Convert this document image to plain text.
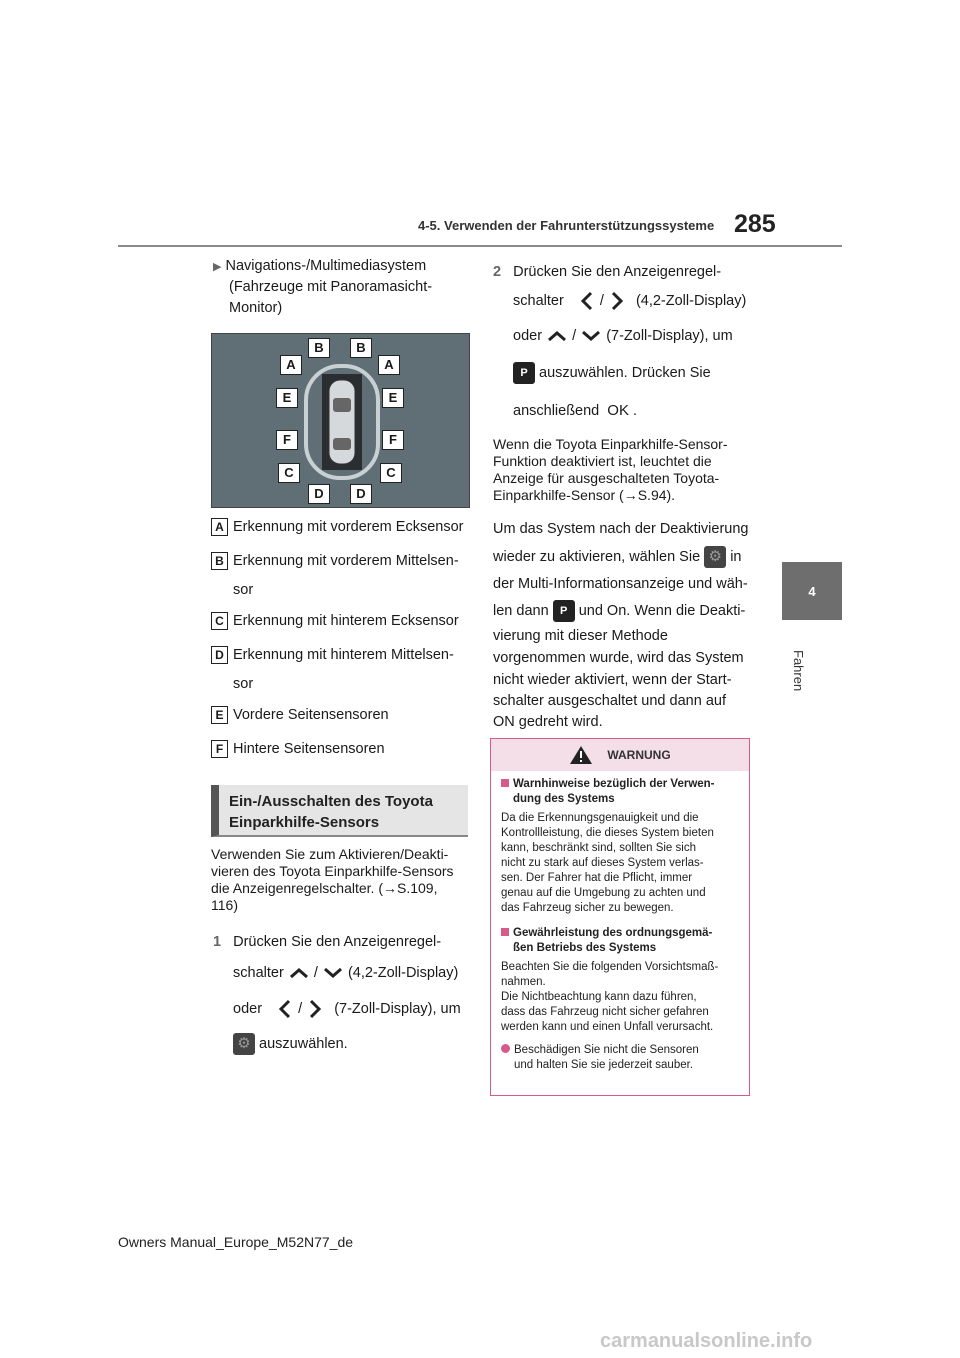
4-5. Verwenden der Fahrunterstützungssysteme 285
4
Fahren
▶ Navigations-/Multimediasystem
(Fahrzeuge mit Panoramasicht-
Monitor)
B	B
A	A
E	E
F	F
C	C
D	D
A Erkennung mit vorderem Ecksensor
B Erkennung mit vorderem Mittelsen-
sor
C Erkennung mit hinterem Ecksensor
D Erkennung mit hinterem Mittelsen-
sor
E Vordere Seitensensoren
F Hintere Seitensensoren
Ein-/Ausschalten des Toyota
Einparkhilfe-Sensors
Verwenden Sie zum Aktivieren/Deakti-
vieren des Toyota Einparkhilfe-Sensors
die Anzeigenregelschalter. (→S.109,
116)
1 Drücken Sie den Anzeigenregel-
schalter  /  (4,2-Zoll-Display)
oder  /  (7-Zoll-Display), um
⚙ auszuwählen.
2 Drücken Sie den Anzeigenregel-
schalter  /  (4,2-Zoll-Display)
oder  /  (7-Zoll-Display), um
P auszuwählen. Drücken Sie
anschließend OK .
Wenn die Toyota Einparkhilfe-Sensor-
Funktion deaktiviert ist, leuchtet die
Anzeige für ausgeschalteten Toyota-
Einparkhilfe-Sensor (→S.94).
Um das System nach der Deaktivierung
wieder zu aktivieren, wählen Sie ⚙ in
der Multi-Informationsanzeige und wäh-
len dann P und On. Wenn die Deakti-
vierung mit dieser Methode
vorgenommen wurde, wird das System
nicht wieder aktiviert, wenn der Start-
schalter ausgeschaltet und dann auf
ON gedreht wird.
WARNUNG
Warnhinweise bezüglich der Verwen-
dung des Systems
Da die Erkennungsgenauigkeit und die
Kontrollleistung, die dieses System bieten
kann, beschränkt sind, sollten Sie sich
nicht zu stark auf dieses System verlas-
sen. Der Fahrer hat die Pflicht, immer
genau auf die Umgebung zu achten und
das Fahrzeug sicher zu bewegen.
Gewährleistung des ordnungsgemä-
ßen Betriebs des Systems
Beachten Sie die folgenden Vorsichtsmaß-
nahmen.
Die Nichtbeachtung kann dazu führen,
dass das Fahrzeug nicht sicher gefahren
werden kann und einen Unfall verursacht.
Beschädigen Sie nicht die Sensoren
und halten Sie sie jederzeit sauber.
Owners Manual_Europe_M52N77_de
carmanualsonline.info
